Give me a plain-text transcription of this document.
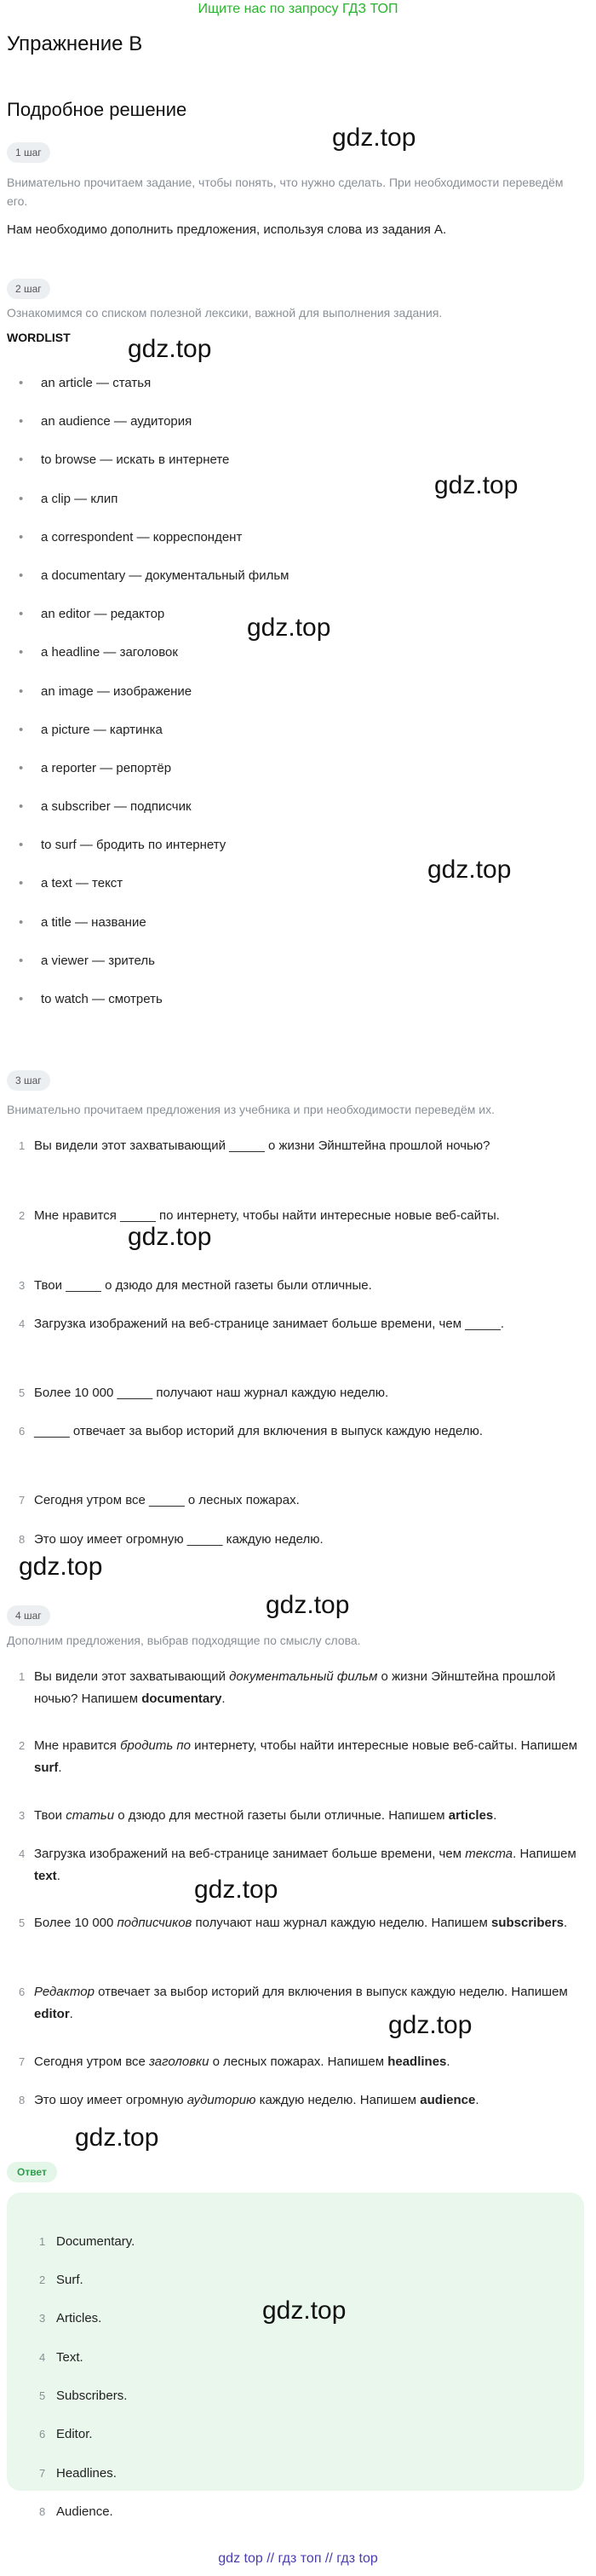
Ищите нас по запросу ГДЗ ТОП
Упражнение B
Подробное решение
1 шаг
Внимательно прочитаем задание, чтобы понять, что нужно сделать. При необходимости переведём его.
Нам необходимо дополнить предложения, используя слова из задания A.
2 шаг
Ознакомимся со списком полезной лексики, важной для выполнения задания.
WORDLIST
• an article — статья
• an audience — аудитория
• to browse — искать в интернете
• a clip — клип
• a correspondent — корреспондент
• a documentary — документальный фильм
• an editor — редактор
• a headline — заголовок
• an image — изображение
• a picture — картинка
• a reporter — репортёр
• a subscriber — подписчик
• to surf — бродить по интернету
• a text — текст
• a title — название
• a viewer — зритель
• to watch — смотреть
3 шаг
Внимательно прочитаем предложения из учебника и при необходимости переведём их.
1 Вы видели этот захватывающий _____ о жизни Эйнштейна прошлой ночью?
2 Мне нравится _____ по интернету, чтобы найти интересные новые веб-сайты.
3 Твои _____ о дзюдо для местной газеты были отличные.
4 Загрузка изображений на веб-странице занимает больше времени, чем _____.
5 Более 10 000 _____ получают наш журнал каждую неделю.
6 _____ отвечает за выбор историй для включения в выпуск каждую неделю.
7 Сегодня утром все _____ о лесных пожарах.
8 Это шоу имеет огромную _____ каждую неделю.
4 шаг
Дополним предложения, выбрав подходящие по смыслу слова.
1 Вы видели этот захватывающий документальный фильм о жизни Эйнштейна прошлой ночью? Напишем documentary.
2 Мне нравится бродить по интернету, чтобы найти интересные новые веб-сайты. Напишем surf.
3 Твои статьи о дзюдо для местной газеты были отличные. Напишем articles.
4 Загрузка изображений на веб-странице занимает больше времени, чем текста. Напишем text.
5 Более 10 000 подписчиков получают наш журнал каждую неделю. Напишем subscribers.
6 Редактор отвечает за выбор историй для включения в выпуск каждую неделю. Напишем editor.
7 Сегодня утром все заголовки о лесных пожарах. Напишем headlines.
8 Это шоу имеет огромную аудиторию каждую неделю. Напишем audience.
Ответ
1 Documentary.
2 Surf.
3 Articles.
4 Text.
5 Subscribers.
6 Editor.
7 Headlines.
8 Audience.
gdz.top
gdz.top
gdz.top
gdz.top
gdz.top
gdz.top
gdz.top
gdz.top
gdz.top
gdz.top
gdz.top
gdz.top
gdz top // гдз топ // гдз top
